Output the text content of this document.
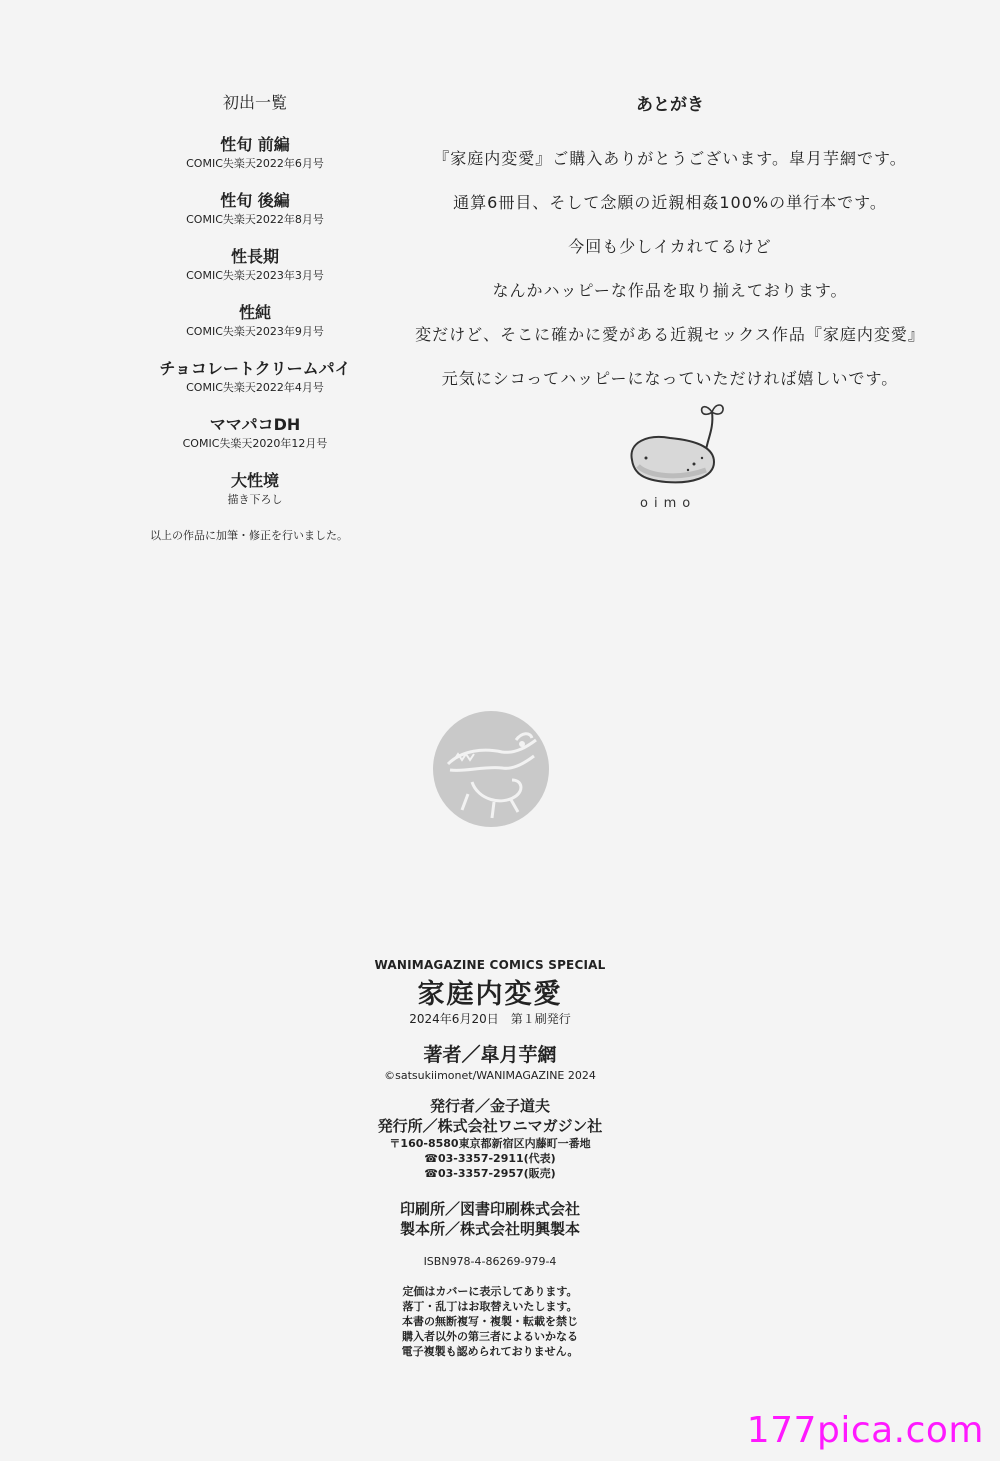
初出一覧
性旬 前編
COMIC失楽天2022年6月号
性旬 後編
COMIC失楽天2022年8月号
性長期
COMIC失楽天2023年3月号
性純
COMIC失楽天2023年9月号
チョコレートクリームパイ
COMIC失楽天2022年4月号
ママパコDH
COMIC失楽天2020年12月号
大性境
描き下ろし
以上の作品に加筆・修正を行いました。
あとがき
『家庭内変愛』ご購入ありがとうございます。皐月芋網です。
通算6冊目、そして念願の近親相姦100%の単行本です。
今回も少しイカれてるけど
なんかハッピーな作品を取り揃えております。
変だけど、そこに確かに愛がある近親セックス作品『家庭内変愛』
元気にシコってハッピーになっていただければ嬉しいです。
oimo
WANIMAGAZINE COMICS SPECIAL
家庭内変愛
2024年6月20日　第１刷発行
著者／皐月芋網
©satsukiimonet/WANIMAGAZINE 2024
発行者／金子道夫
発行所／株式会社ワニマガジン社
〒160-8580東京都新宿区内藤町一番地
☎03-3357-2911(代表)
☎03-3357-2957(販売)
印刷所／図書印刷株式会社
製本所／株式会社明興製本
ISBN978-4-86269-979-4
定価はカバーに表示してあります。
落丁・乱丁はお取替えいたします。
本書の無断複写・複製・転載を禁じ
購入者以外の第三者によるいかなる
電子複製も認められておりません。
177pica.com
